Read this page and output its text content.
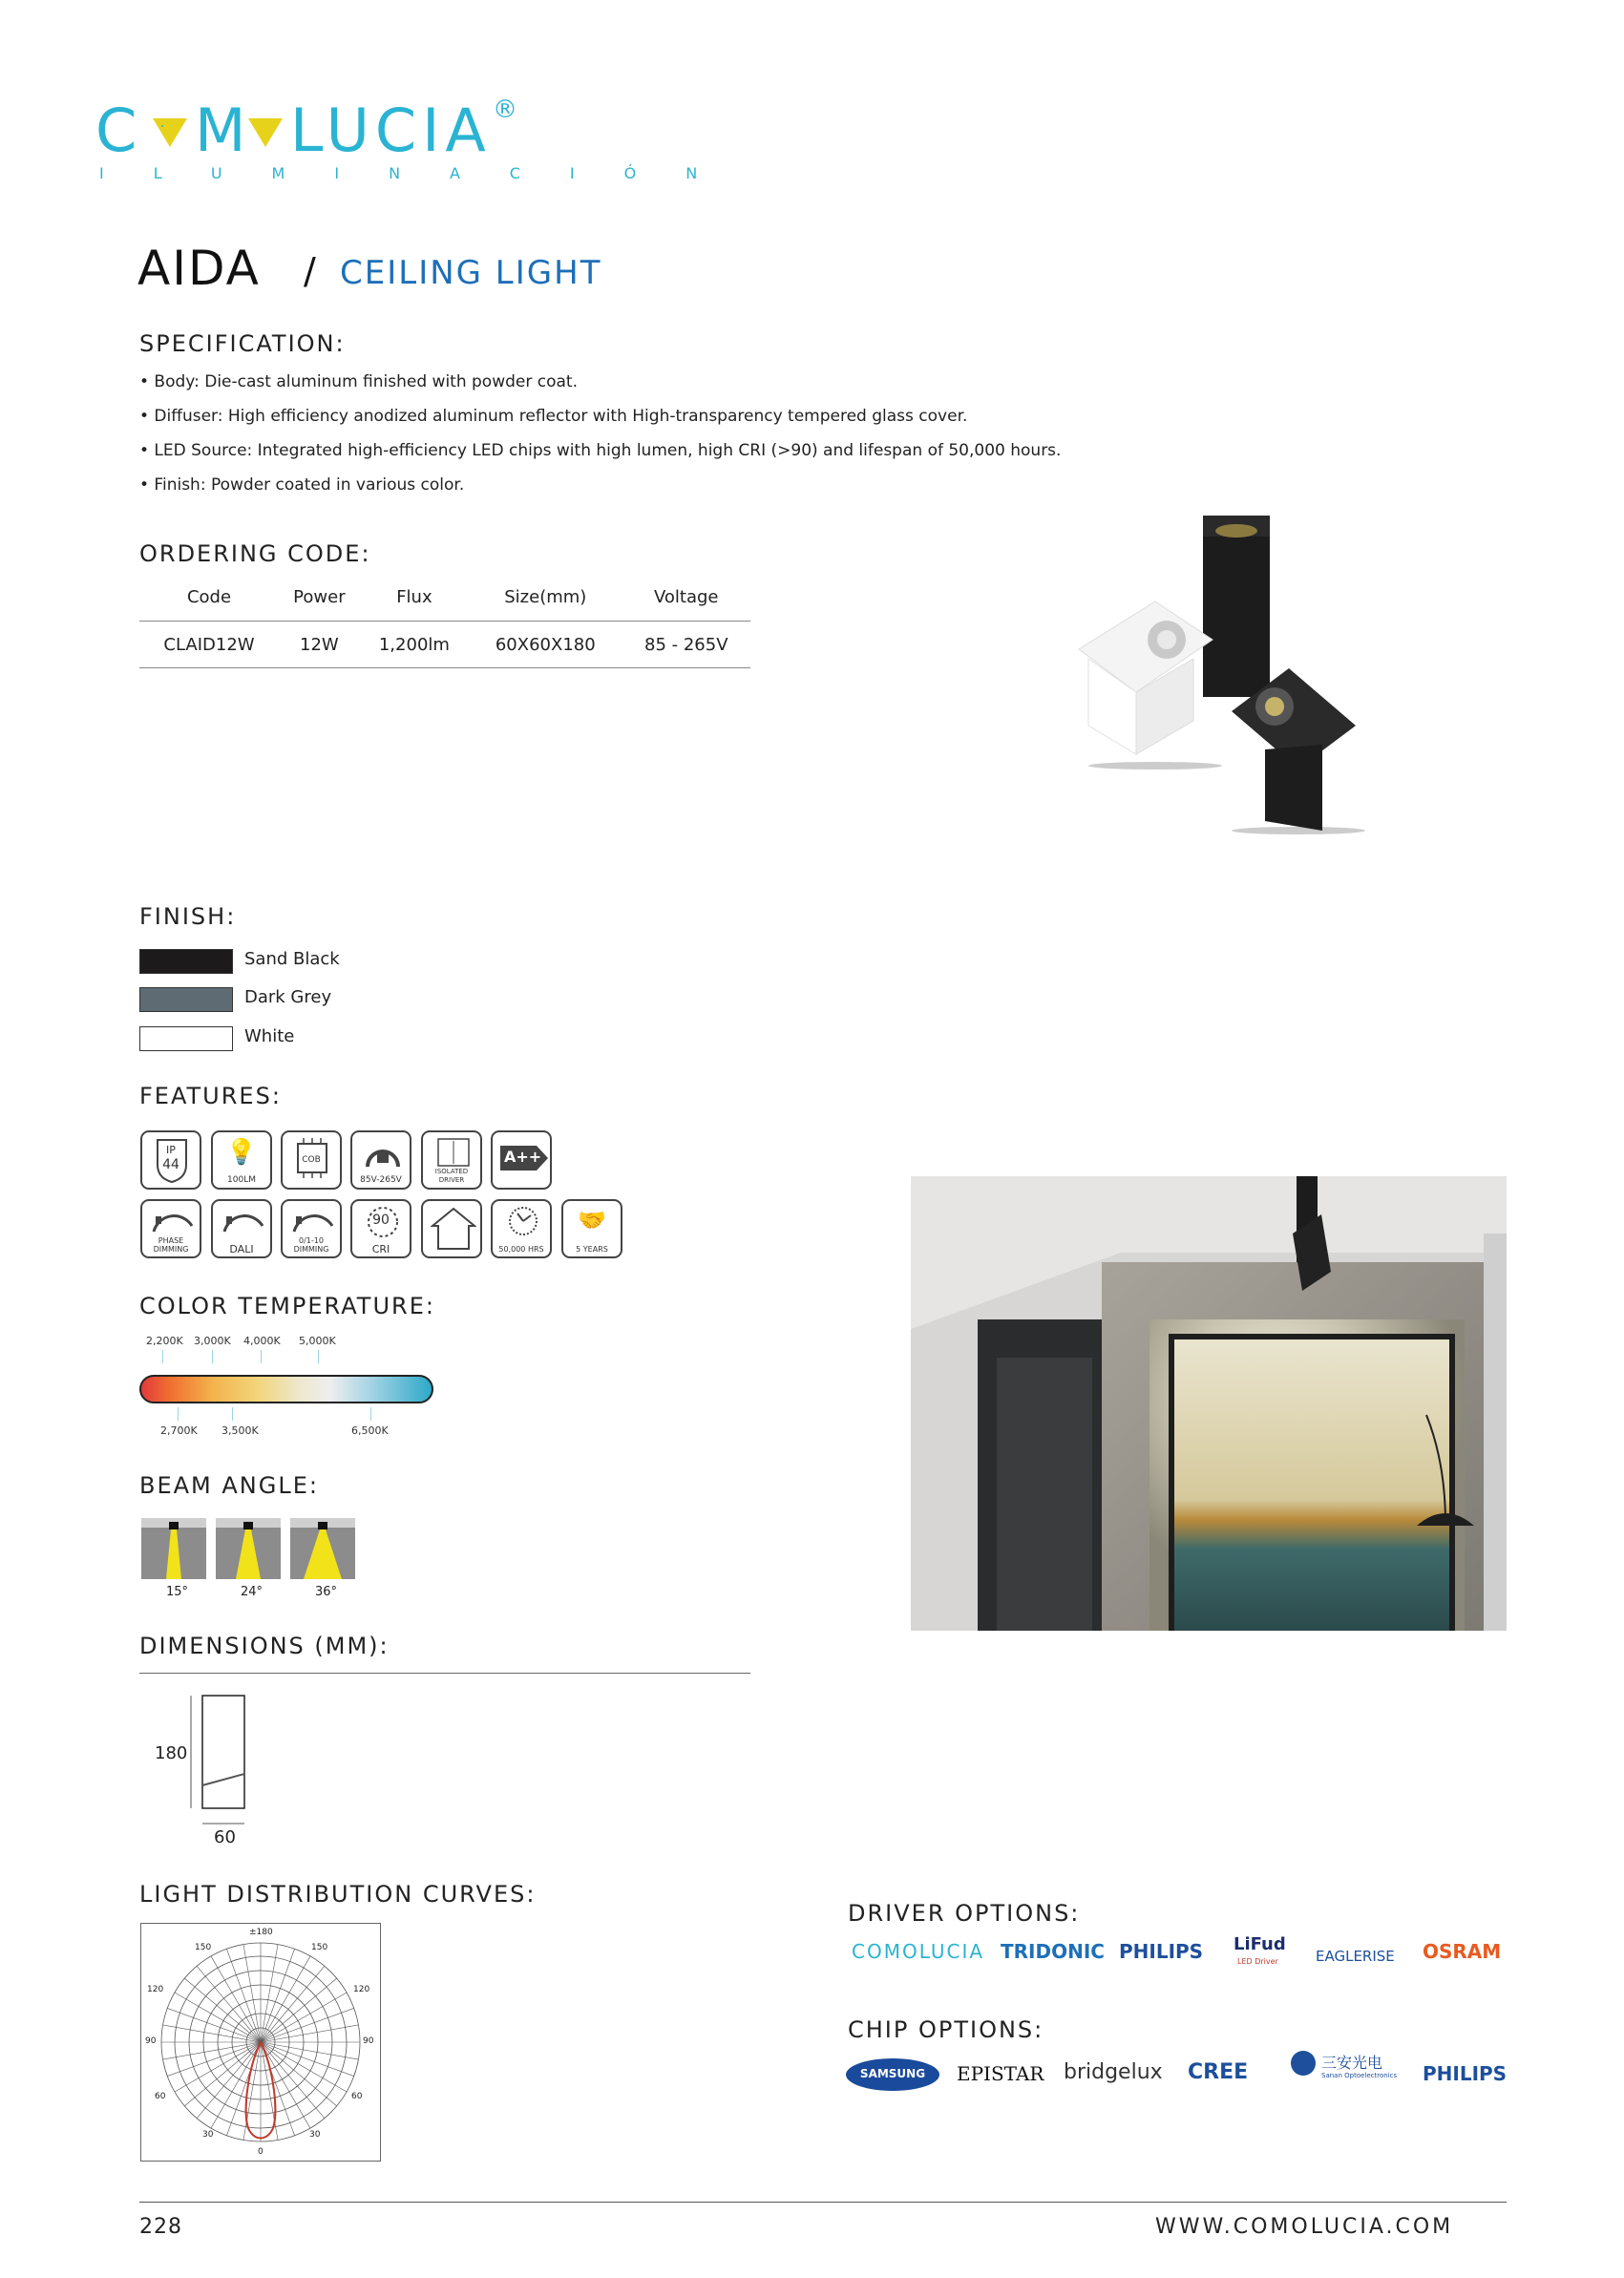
C M LUCIA
ILUMINACIÓN
®
AIDA / CEILING LIGHT
SPECIFICATION:
• Body: Die-cast aluminum finished with powder coat.
• Diffuser: High efficiency anodized aluminum reflector with High-transparency tempered glass cover.
• LED Source: Integrated high-efficiency LED chips with high lumen, high CRI (>90) and lifespan of 50,000 hours.
• Finish: Powder coated in various color.
ORDERING CODE:
Code	Power	Flux	Size(mm)	Voltage
CLAID12W	12W	1,200lm	60X60X180	85 - 265V
FINISH:
Sand Black
Dark Grey
White
FEATURES:
IP
44	💡
100LM
COB
85V-265V
ISOLATED DRIVER
A++
PHASE DIMMING	DALI
0/1-10 DIMMING
90
CRI	50,000 HRS
🤝
5 YEARS
COLOR TEMPERATURE:
2,200K 3,000K 4,000K 5,000K
2,700K 3,500K	6,500K
BEAM ANGLE:
15°	24°	36°
DIMENSIONS (MM):
180
60
LIGHT DISTRIBUTION CURVES:
±180
150	150
120	120
90	90
60	60
30	30
0
DRIVER OPTIONS:
COMOLUCIA TRIDONIC PHILIPS LiFud
LED Driver	EAGLERISE OSRAM
CHIP OPTIONS:
SAMSUNG	EPISTAR bridgelux CREE	三安光电
Sanan Optoelectronics PHILIPS
228	WWW.COMOLUCIA.COM
